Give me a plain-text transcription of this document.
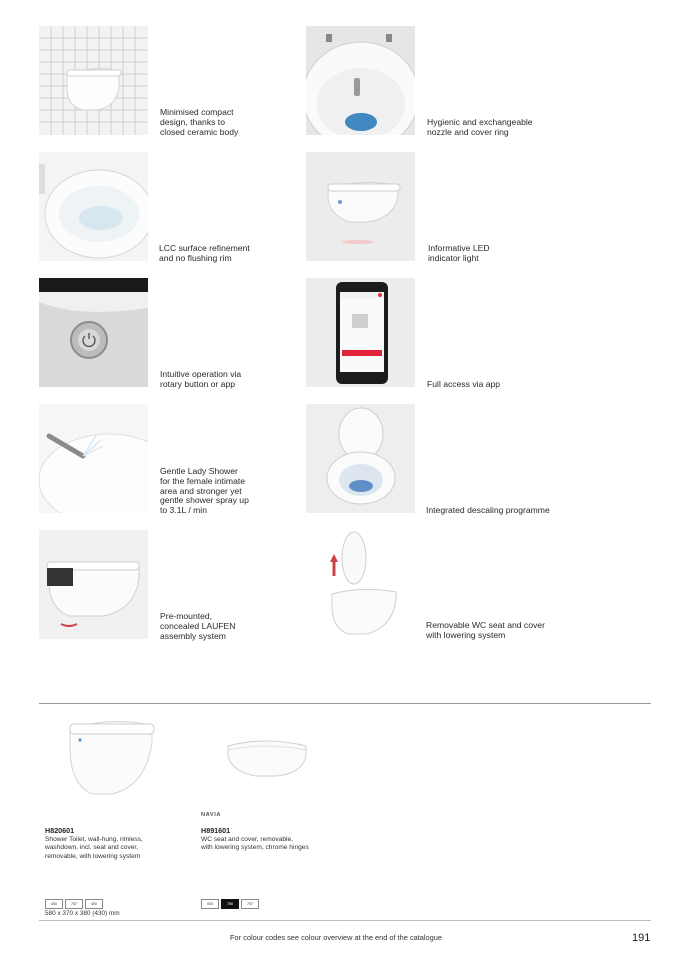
Minimised compact
design, thanks to
closed ceramic body
Hygienic and exchangeable
nozzle and cover ring
LCC surface refinement
and no flushing rim
Informative LED
indicator light
Intuitive operation via
rotary button or app	Full access via app
Gentle Lady Shower
for the female intimate
area and stronger yet
gentle shower spray up
to 3.1L / min	Integrated descaling programme
Pre-mounted,
concealed LAUFEN
assembly system
Removable WC seat and cover
with lowering system
H820601
Shower Toilet, wall-hung, rimless,
washdown, incl. seat and cover,
removable, with lowering system
400	757	400
580 x 370 x 380 (430) mm
NAVIA
H891601
WC seat and cover, removable,
with lowering system, chrome hinges
000	756	757
For colour codes see colour overview at the end of the catalogue	191
